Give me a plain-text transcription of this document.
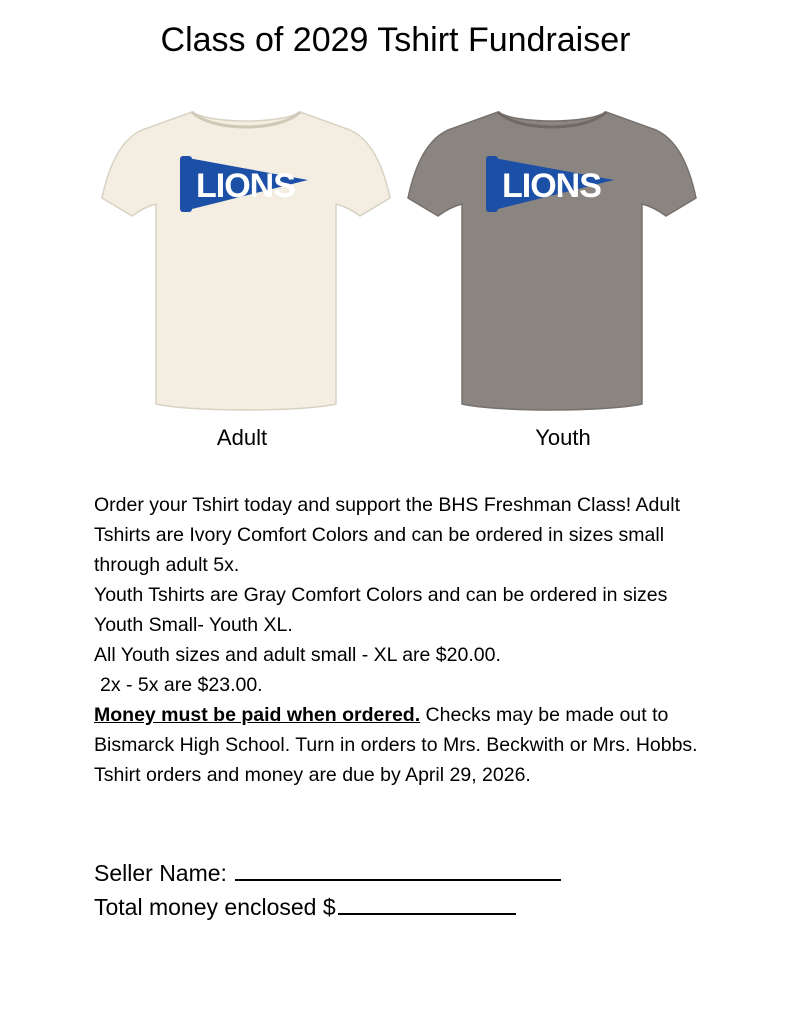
Class of 2029 Tshirt Fundraiser
LIONS	LIONS
Adult	Youth

Order your Tshirt today and support the BHS Freshman Class! Adult Tshirts are Ivory Comfort Colors and can be ordered in sizes small through adult 5x.

Youth Tshirts are Gray Comfort Colors and can be ordered in sizes Youth Small- Youth XL.

All Youth sizes and adult small - XL are $20.00.

2x - 5x are $23.00.

Money must be paid when ordered. Checks may be made out to Bismarck High School. Turn in orders to Mrs. Beckwith or Mrs. Hobbs. Tshirt orders and money are due by April 29, 2026.

Seller Name:
Total money enclosed $
